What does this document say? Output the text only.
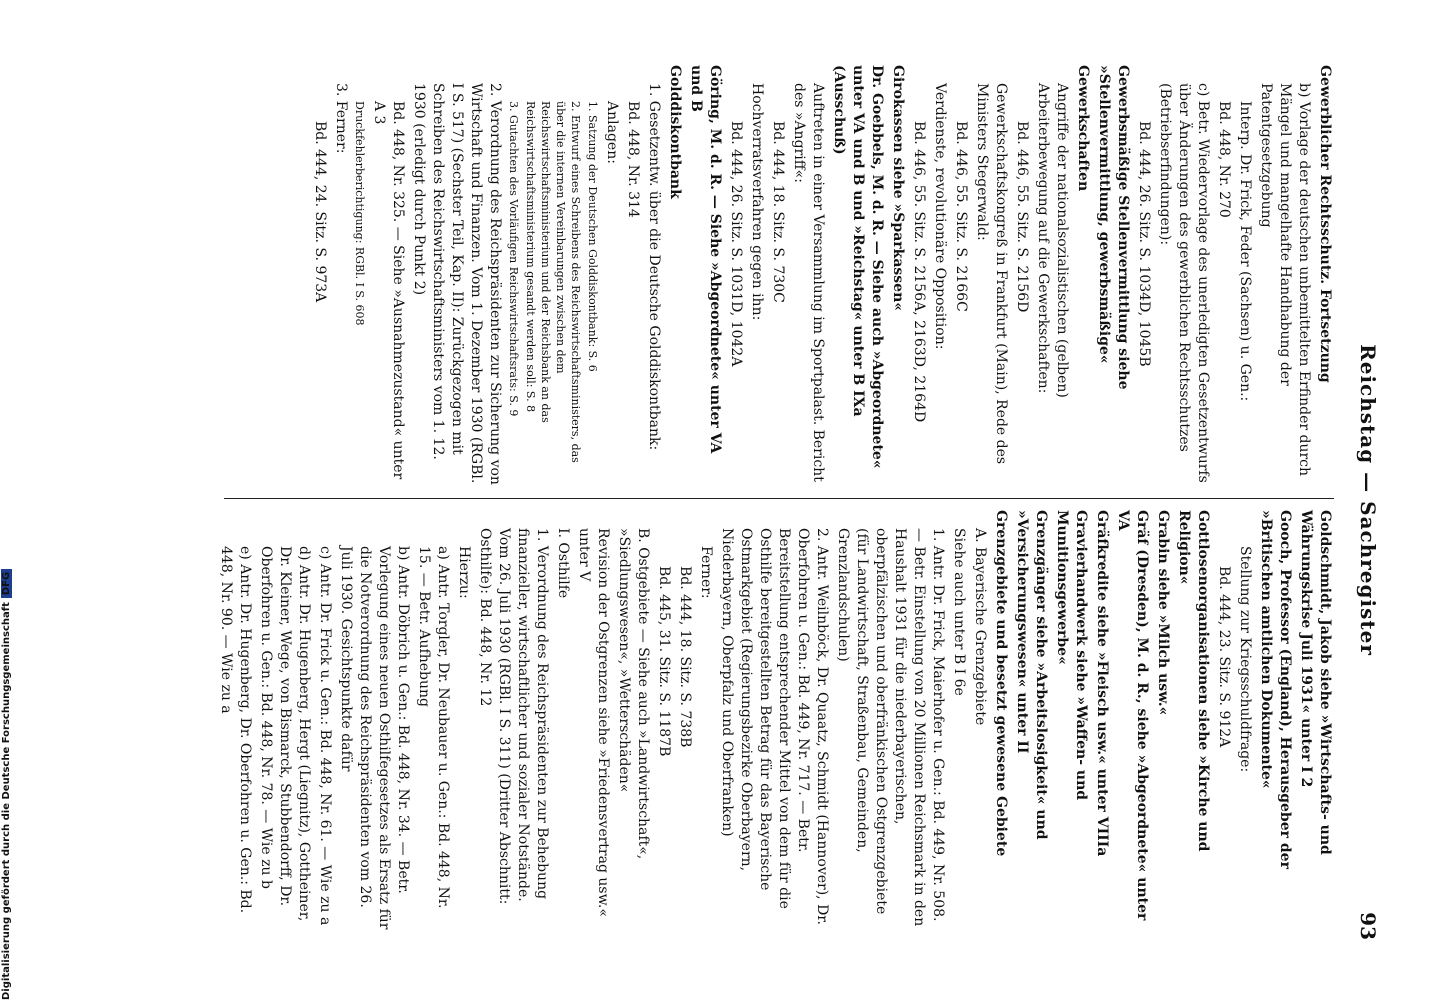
Reichstag — Sachregister
93

Gewerblicher Rechtsschutz. Fortsetzung

b) Vorlage der deutschen unbemittelten Erfinder durch Mängel und mangelhafte Handhabung der Patentgesetzgebung

Interp. Dr. Frick, Feder (Sachsen) u. Gen.:

Bd. 448, Nr. 270

c) Betr. Wiedervorlage des unerledigten Gesetzentwurfs über Änderungen des gewerblichen Rechtsschutzes (Betriebserfindungen):

Bd. 444, 26. Sitz. S. 1034D, 1045B

Gewerbsmäßige Stellenvermittlung siehe »Stellenvermittlung, gewerbsmäßige«

Gewerkschaften

Angriffe der nationalsozialistischen (gelben) Arbeiterbewegung auf die Gewerkschaften:

Bd. 446, 55. Sitz. S. 2156D

Gewerkschaftskongreß in Frankfurt (Main), Rede des Ministers Stegerwald:

Bd. 446, 55. Sitz. S. 2166C

Verdienste, revolutionäre Opposition:

Bd. 446, 55. Sitz. S. 2156A, 2163D, 2164D

Girokassen siehe »Sparkassen«

Dr. Goebbels, M. d. R. — Siehe auch »Abgeordnete« unter VA und B und »Reichstag« unter B IXa (Ausschuß)

Auftreten in einer Versammlung im Sportpalast. Bericht des »Angriff«:

Bd. 444, 18. Sitz. S. 730C

Hochverratsverfahren gegen ihn:

Bd. 444, 26. Sitz. S. 1031D, 1042A

Göring, M. d. R. — Siehe »Abgeordnete« unter VA und B

Golddiskontbank

1. Gesetzentw. über die Deutsche Golddiskontbank:

Bd. 448, Nr. 314

Anlagen:

1. Satzung der Deutschen Golddiskontbank: S. 6

2. Entwurf eines Schreibens des Reichswirtschaftsministers, das über die internen Vereinbarungen zwischen dem Reichswirtschaftsministerium und der Reichsbank an das Reichswirtschaftsministerium gesandt werden soll: S. 8

3. Gutachten des Vorläufigen Reichswirtschaftsrats: S. 9

2. Verordnung des Reichspräsidenten zur Sicherung von Wirtschaft und Finanzen. Vom 1. Dezember 1930 (RGBl. I S. 517) (Sechster Teil, Kap. II): Zurückgezogen mit Schreiben des Reichswirtschaftsministers vom 1. 12. 1930 (erledigt durch Punkt 2)

Bd. 448, Nr. 325. — Siehe »Ausnahmezustand« unter A 3

Druckfehlerberichtigung: RGBl. I S. 608

3. Ferner:

Bd. 444, 24. Sitz. S. 973A

Goldschmidt, Jakob siehe »Wirtschafts- und Währungskrise Juli 1931« unter I 2

Gooch, Professor (England), Herausgeber der »Britischen amtlichen Dokumente«

Stellung zur Kriegsschuldfrage:

Bd. 444, 23. Sitz. S. 912A

Gottlosenorganisationen siehe »Kirche und Religion«

Grabin siehe »Milch usw.«

Gräf (Dresden), M. d. R., siehe »Abgeordnete« unter VA

Gräfkredite siehe »Fleisch usw.« unter VIIIa

Gravierhandwerk siehe »Waffen- und Munitionsgewerbe«

Grenzgänger siehe »Arbeitslosigkeit« und »Versicherungswesen« unter II

Grenzgebiete und besetzt gewesene Gebiete

A. Bayerische Grenzgebiete

Siehe auch unter B I 6e

1. Antr. Dr. Frick, Maierhofer u. Gen.: Bd. 449, Nr. 508. — Betr. Einstellung von 20 Millionen Reichsmark in den Haushalt 1931 für die niederbayerischen, oberpfälzischen und oberfränkischen Ostgrenzgebiete (für Landwirtschaft, Straßenbau, Gemeinden, Grenzlandschulen)

2. Antr. Weilnböck, Dr. Quaatz, Schmidt (Hannover), Dr. Oberfohren u. Gen.: Bd. 449, Nr. 717. — Betr. Bereitstellung entsprechender Mittel von dem für die Osthilfe bereitgestellten Betrag für das Bayerische Ostmarkgebiet (Regierungsbezirke Oberbayern, Niederbayern, Oberpfalz und Oberfranken)

Ferner:

Bd. 444, 18. Sitz. S. 738B

Bd. 445, 31. Sitz. S. 1187B

B. Ostgebiete — Siehe auch »Landwirtschaft«, »Siedlungswesen«, »Wetterschäden«

Revision der Ostgrenzen siehe »Friedensvertrag usw.« unter V

I. Osthilfe

1. Verordnung des Reichspräsidenten zur Behebung finanzieller, wirtschaftlicher und sozialer Notstände. Vom 26. Juli 1930 (RGBl. I S. 311) (Dritter Abschnitt: Osthilfe): Bd. 448, Nr. 12

Hierzu:

a) Antr. Torgler, Dr. Neubauer u. Gen.: Bd. 448, Nr. 15. — Betr. Aufhebung

b) Antr. Döbrich u. Gen.: Bd. 448, Nr. 34. — Betr. Vorlegung eines neuen Osthilfegesetzes als Ersatz für die Notverordnung des Reichspräsidenten vom 26. Juli 1930. Gesichtspunkte dafür

c) Antr. Dr. Frick u. Gen.: Bd. 448, Nr. 61. — Wie zu a

d) Antr. Dr. Hugenberg, Hergt (Liegnitz), Gottheiner, Dr. Kleiner, Wege, von Bismarck, Stubbendorff, Dr. Oberfohren u. Gen.: Bd. 448, Nr. 78. — Wie zu b

e) Antr. Dr. Hugenberg, Dr. Oberfohren u. Gen.: Bd. 448, Nr. 90. — Wie zu a

Digitalisierung gefördert durch die Deutsche ForschungsgemeinschaftDFG
